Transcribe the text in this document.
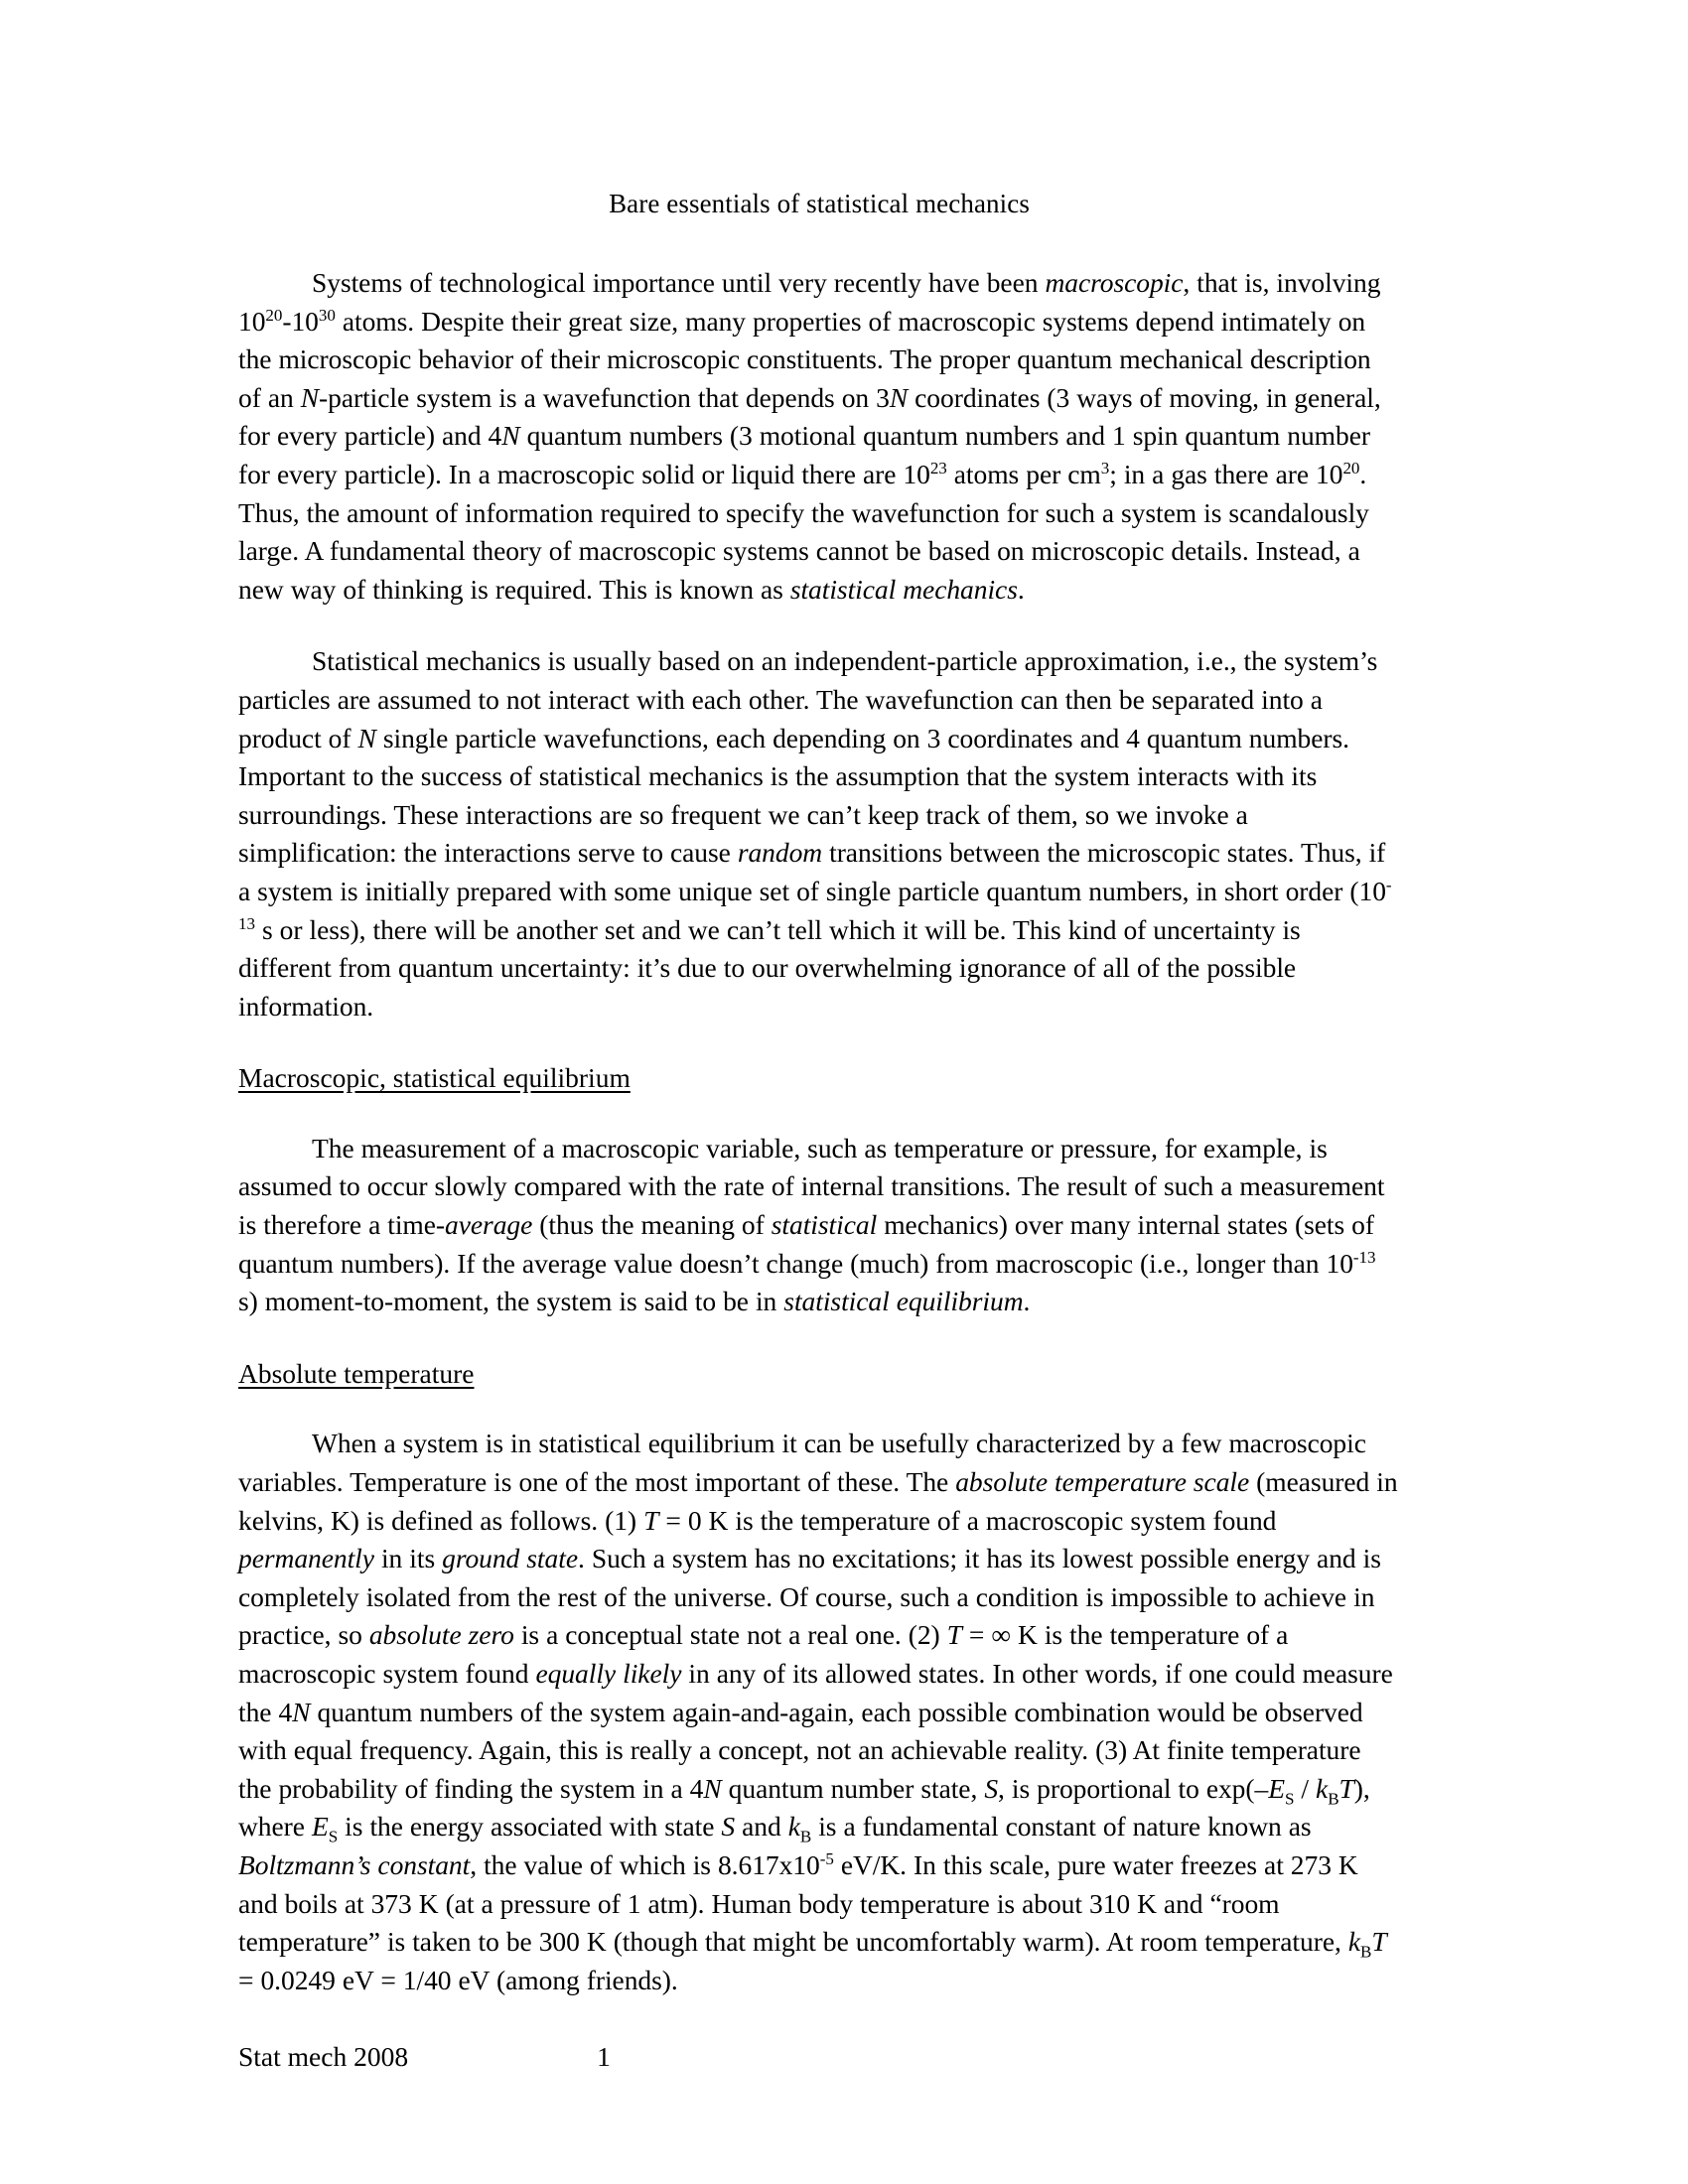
Bare essentials of statistical mechanics

Systems of technological importance until very recently have been macroscopic, that is, involving $10^{20}-10^{30}$ atoms. Despite their great size, many properties of macroscopic systems depend intimately on the microscopic behavior of their microscopic constituents. The proper quantum mechanical description of an N-particle system is a wavefunction that depends on 3N coordinates (3 ways of moving, in general, for every particle) and 4N quantum numbers (3 motional quantum numbers and 1 spin quantum number for every particle). In a macroscopic solid or liquid there are $10^{23}$ atoms per $cm^3$; in a gas there are $10^{20}$. Thus, the amount of information required to specify the wavefunction for such a system is scandalously large. A fundamental theory of macroscopic systems cannot be based on microscopic details. Instead, a new way of thinking is required. This is known as statistical mechanics.

Statistical mechanics is usually based on an independent-particle approximation, i.e., the system’s particles are assumed to not interact with each other. The wavefunction can then be separated into a product of N single particle wavefunctions, each depending on 3 coordinates and 4 quantum numbers. Important to the success of statistical mechanics is the assumption that the system interacts with its surroundings. These interactions are so frequent we can’t keep track of them, so we invoke a simplification: the interactions serve to cause random transitions between the microscopic states. Thus, if a system is initially prepared with some unique set of single particle quantum numbers, in short order ($10^{-13}$ s or less), there will be another set and we can’t tell which it will be. This kind of uncertainty is different from quantum uncertainty: it’s due to our overwhelming ignorance of all of the possible information.

Macroscopic, statistical equilibrium

The measurement of a macroscopic variable, such as temperature or pressure, for example, is assumed to occur slowly compared with the rate of internal transitions. The result of such a measurement is therefore a time-average (thus the meaning of statistical mechanics) over many internal states (sets of quantum numbers). If the average value doesn’t change (much) from macroscopic (i.e., longer than $10^{-13}$ s) moment-to-moment, the system is said to be in statistical equilibrium.

Absolute temperature

When a system is in statistical equilibrium it can be usefully characterized by a few macroscopic variables. Temperature is one of the most important of these. The absolute temperature scale (measured in kelvins, K) is defined as follows. (1) T = 0 K is the temperature of a macroscopic system found permanently in its ground state. Such a system has no excitations; it has its lowest possible energy and is completely isolated from the rest of the universe. Of course, such a condition is impossible to achieve in practice, so absolute zero is a conceptual state not a real one. (2) T = ∞ K is the temperature of a macroscopic system found equally likely in any of its allowed states. In other words, if one could measure the 4N quantum numbers of the system again-and-again, each possible combination would be observed with equal frequency. Again, this is really a concept, not an achievable reality. (3) At finite temperature the probability of finding the system in a 4N quantum number state, S, is proportional to $\exp(-E_S / k_BT)$, where $E_S$ is the energy associated with state S and $k_B$ is a fundamental constant of nature known as Boltzmann’s constant, the value of which is $8.617x10^{-5}$ eV/K. In this scale, pure water freezes at 273 K and boils at 373 K (at a pressure of 1 atm). Human body temperature is about 310 K and “room temperature” is taken to be 300 K (though that might be uncomfortably warm). At room temperature, $k_BT = 0.0249$ eV = 1/40 eV (among friends).

Stat mech 2008	1
